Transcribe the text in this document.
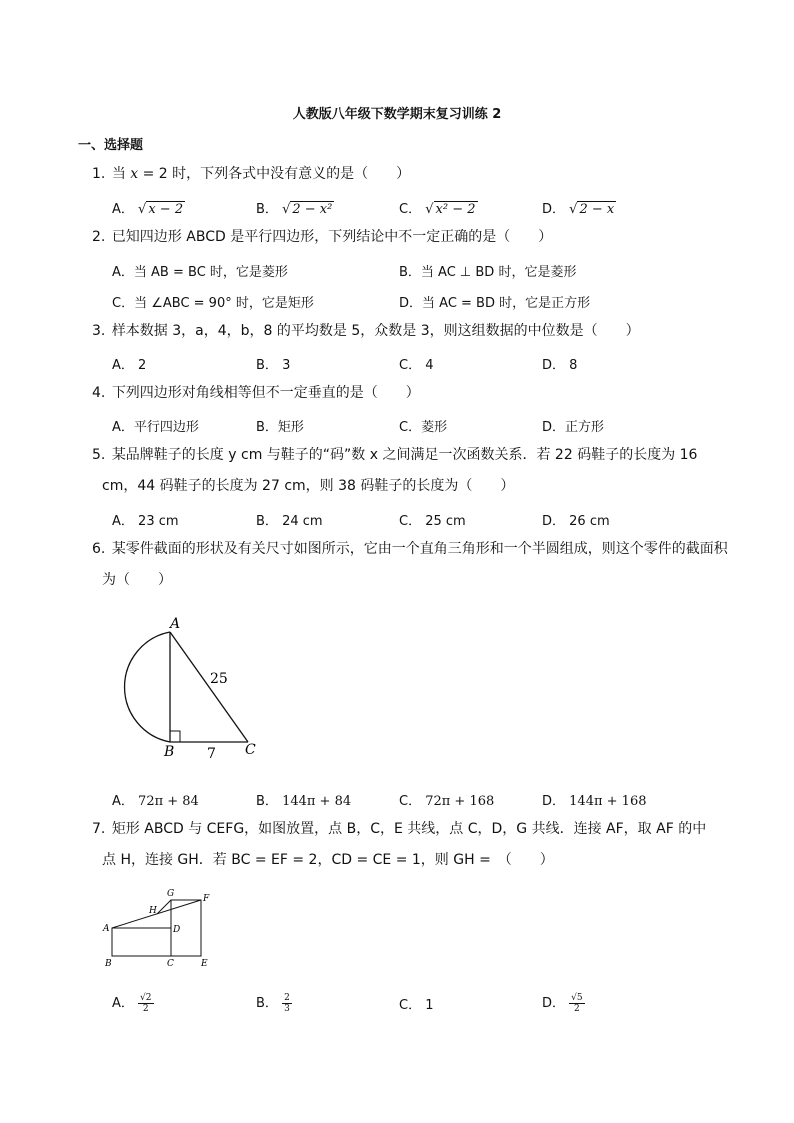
人教版八年级下数学期末复习训练 2
一、选择题
1. 当 x = 2 时，下列各式中没有意义的是（　　）
A． √ x − 2	B． √ 2 − x²	C． √ x² − 2	D． √ 2 − x
2. 已知四边形 ABCD 是平行四边形，下列结论中不一定正确的是（　　）
A．当 AB = BC 时，它是菱形	B．当 AC ⊥ BD 时，它是菱形
C．当 ∠ABC = 90° 时，它是矩形	D．当 AC = BD 时，它是正方形
3. 样本数据 3，a，4，b，8 的平均数是 5，众数是 3，则这组数据的中位数是（　　）
A． 2	B． 3	C． 4	D． 8
4. 下列四边形对角线相等但不一定垂直的是（　　）
A．平行四边形	B．矩形	C．菱形	D．正方形
5. 某品牌鞋子的长度 y cm 与鞋子的“码”数 x 之间满足一次函数关系．若 22 码鞋子的长度为 16
cm，44 码鞋子的长度为 27 cm，则 38 码鞋子的长度为（　　）
A． 23 cm	B． 24 cm	C． 25 cm	D． 26 cm
6. 某零件截面的形状及有关尺寸如图所示，它由一个直角三角形和一个半圆组成，则这个零件的截面积
为（　　）
A
B	C
25
7
A． 72π + 84	B． 144π + 84	C． 72π + 168	D． 144π + 168
7. 矩形 ABCD 与 CEFG，如图放置，点 B，C，E 共线，点 C，D，G 共线．连接 AF，取 AF 的中
点 H，连接 GH．若 BC = EF = 2，CD = CE = 1，则 GH =　（　　）
G	F
H
A	D
B	C	E
A． $\frac{√2}{2}$	B． $\frac{2}{3}$	C． 1	D． $\frac{√5}{2}$
